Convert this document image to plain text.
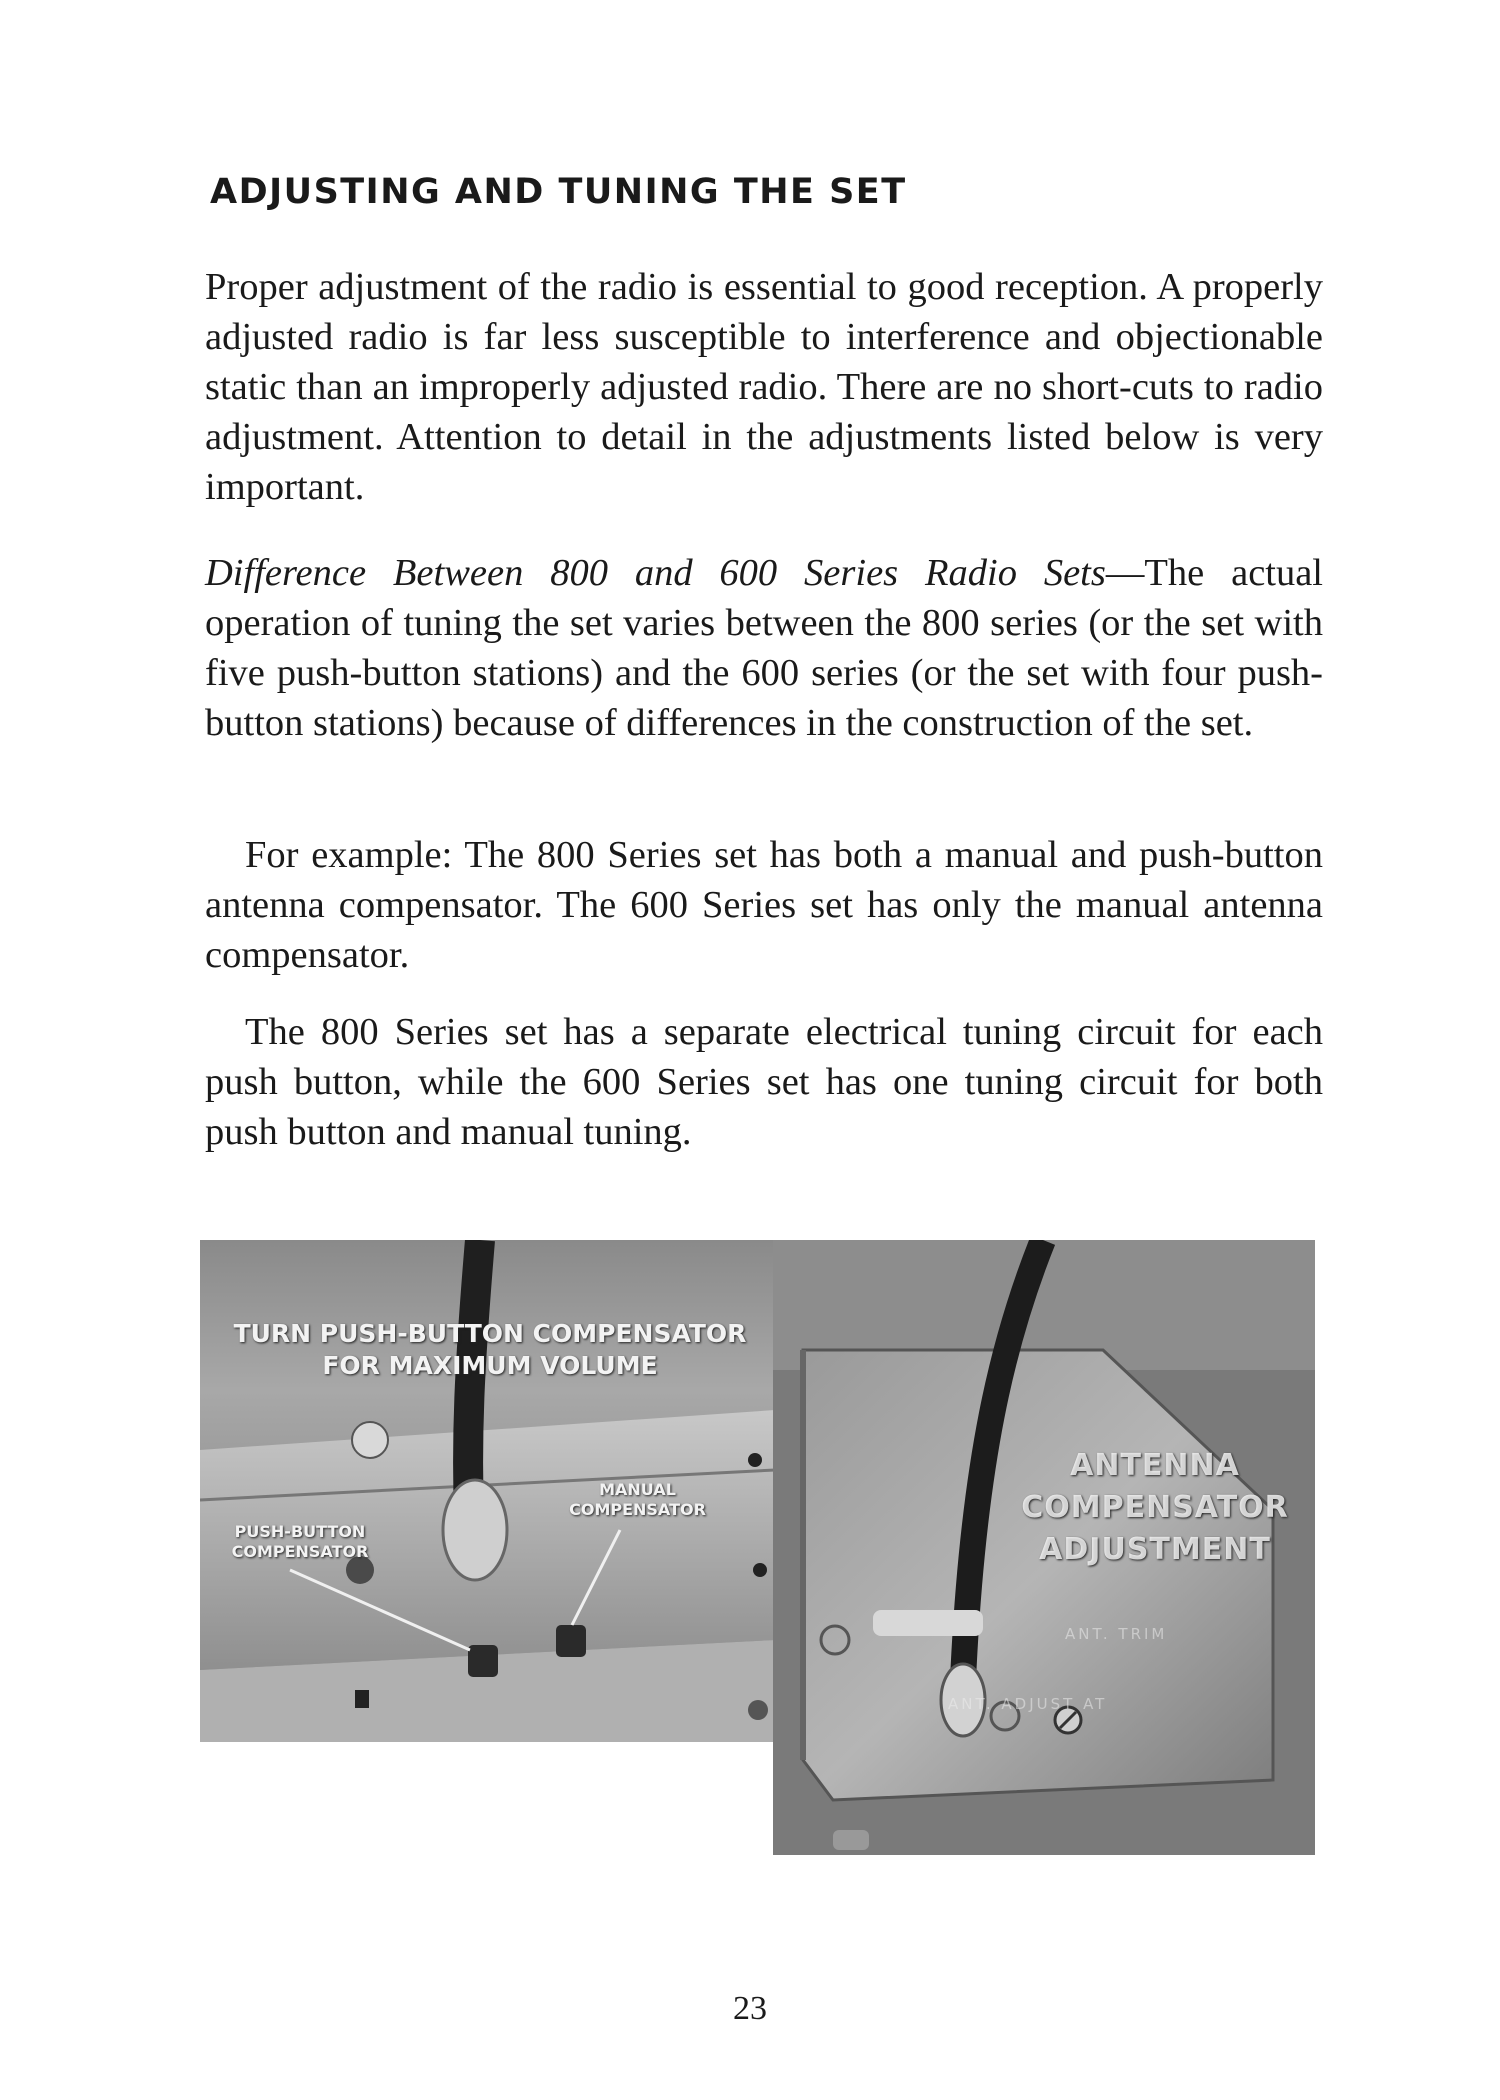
ADJUSTING AND TUNING THE SET

Proper adjustment of the radio is essential to good reception. A properly adjusted radio is far less susceptible to interference and objectionable static than an improperly adjusted radio. There are no short-cuts to radio adjustment. Attention to detail in the adjustments listed below is very important.

Difference Between 800 and 600 Series Radio Sets—The actual operation of tuning the set varies between the 800 series (or the set with five push-button stations) and the 600 series (or the set with four push-button stations) because of differences in the construction of the set.

For example: The 800 Series set has both a manual and push-button antenna compensator. The 600 Series set has only the manual antenna compensator.

The 800 Series set has a separate electrical tuning circuit for each push button, while the 600 Series set has one tuning circuit for both push button and manual tuning.

TURN PUSH-BUTTON COMPENSATOR
FOR MAXIMUM VOLUME

PUSH-BUTTON
COMPENSATOR

MANUAL
COMPENSATOR

ANTENNA
COMPENSATOR
ADJUSTMENT

ANT. TRIM
ANT. ADJUST AT

23
